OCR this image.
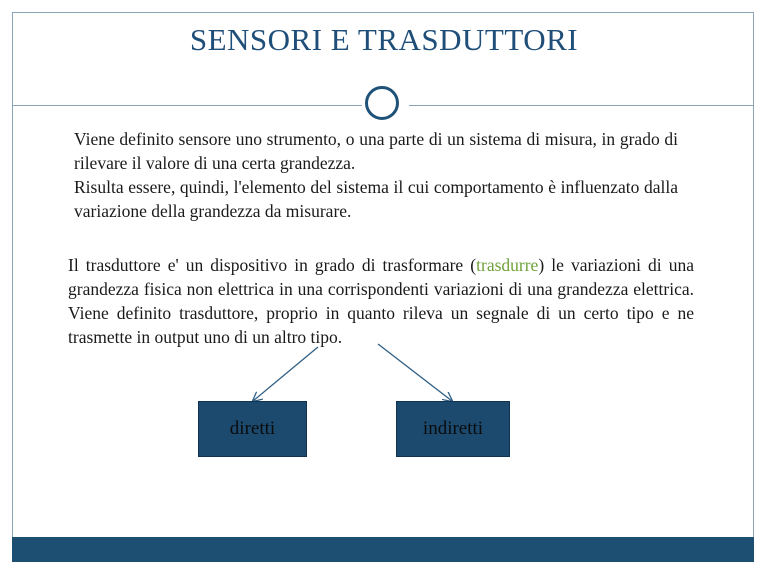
SENSORI E TRASDUTTORI

Viene definito sensore uno strumento, o una parte di un sistema di misura, in grado di rilevare il valore di una certa grandezza.

Risulta essere, quindi, l'elemento del sistema il cui comportamento è influenzato dalla variazione della grandezza da misurare.

Il trasduttore e' un dispositivo in grado di trasformare (trasdurre) le variazioni di una grandezza fisica non elettrica in una corrispondenti variazioni di una grandezza elettrica. Viene definito trasduttore, proprio in quanto rileva un segnale di un certo tipo e ne trasmette in output uno di un altro tipo.

diretti	indiretti
